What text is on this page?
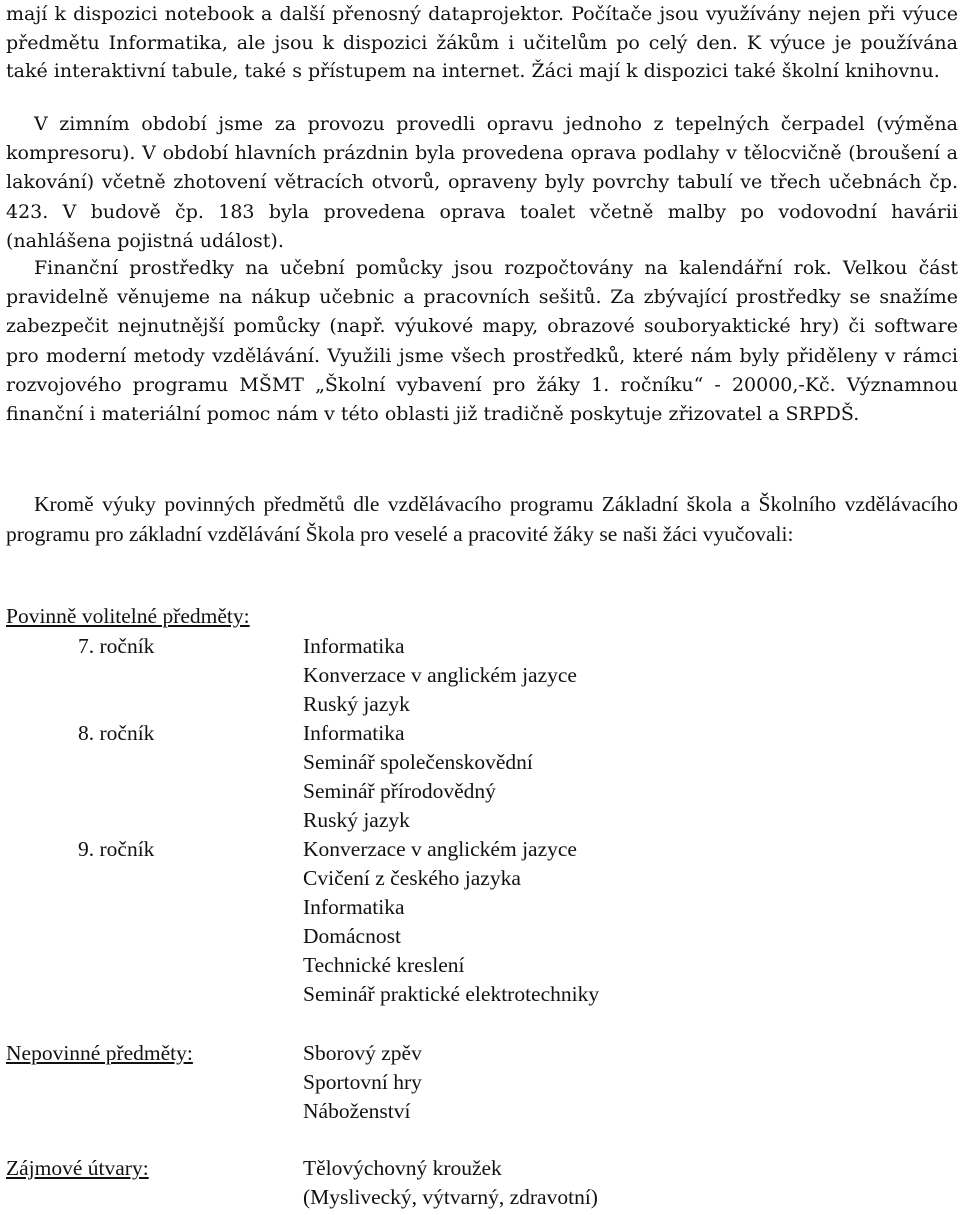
mají k dispozici notebook a další přenosný dataprojektor. Počítače jsou využívány nejen při výuce předmětu Informatika, ale jsou k dispozici žákům i učitelům po celý den. K výuce je používána také interaktivní tabule, také s přístupem na internet. Žáci mají k dispozici také školní knihovnu.

V zimním období jsme za provozu provedli opravu jednoho z tepelných čerpadel (výměna kompresoru). V období hlavních prázdnin byla provedena oprava podlahy v tělocvičně (broušení a lakování) včetně zhotovení větracích otvorů, opraveny byly povrchy tabulí ve třech učebnách čp. 423. V budově čp. 183 byla provedena oprava toalet včetně malby po vodovodní havárii (nahlášena pojistná událost).

Finanční prostředky na učební pomůcky jsou rozpočtovány na kalendářní rok. Velkou část pravidelně věnujeme na nákup učebnic a pracovních sešitů. Za zbývající prostředky se snažíme zabezpečit nejnutnější pomůcky (např. výukové mapy, obrazové souboryaktické hry) či software pro moderní metody vzdělávání. Využili jsme všech prostředků, které nám byly přiděleny v rámci rozvojového programu MŠMT „Školní vybavení pro žáky 1. ročníku“ - 20000,-Kč. Významnou finanční i materiální pomoc nám v této oblasti již tradičně poskytuje zřizovatel a SRPDŠ.

Kromě výuky povinných předmětů dle vzdělávacího programu Základní škola a Školního vzdělávacího programu pro základní vzdělávání Škola pro veselé a pracovité žáky se naši žáci vyučovali:

Povinně volitelné předměty:
7. ročník	Informatika
Konverzace v anglickém jazyce
Ruský jazyk
8. ročník	Informatika
Seminář společenskovědní
Seminář přírodovědný
Ruský jazyk
9. ročník	Konverzace v anglickém jazyce
Cvičení z českého jazyka
Informatika
Domácnost
Technické kreslení
Seminář praktické elektrotechniky
Nepovinné předměty:	Sborový zpěv
Sportovní hry
Náboženství
Zájmové útvary:	Tělovýchovný kroužek
(Myslivecký, výtvarný, zdravotní)
